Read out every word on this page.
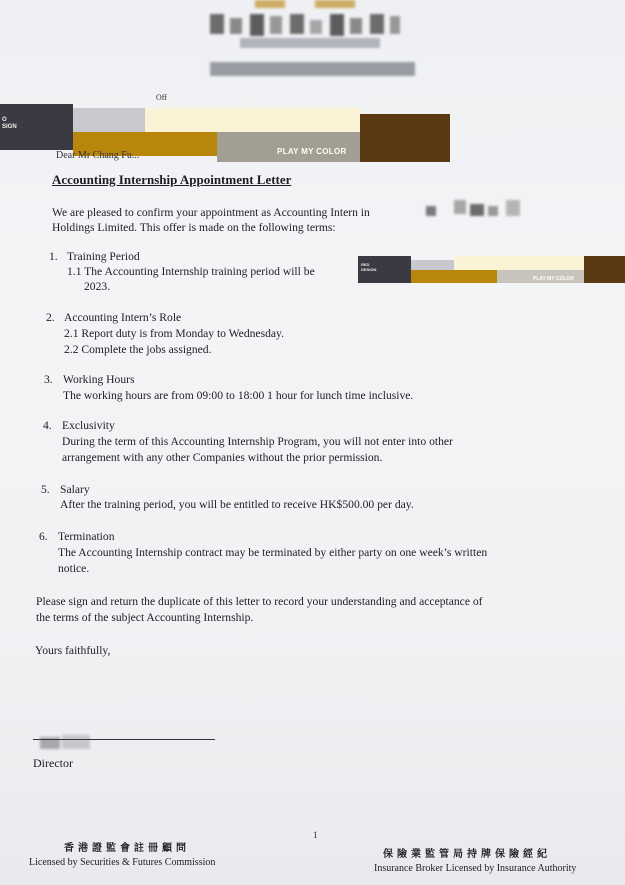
Off
O
SIGN
PLAY MY COLOR
Dear Mr Chang Fu...
Accounting Internship Appointment Letter
We are pleased to confirm your appointment as Accounting Intern in
Holdings Limited. This offer is made on the following terms:
1. Training Period
1.1 The Accounting Internship training period will be
2023.
RED
DESIGN
PLAY MY COLOR
2. Accounting Intern’s Role
2.1 Report duty is from Monday to Wednesday.
2.2 Complete the jobs assigned.
3. Working Hours
The working hours are from 09:00 to 18:00 1 hour for lunch time inclusive.
4. Exclusivity
During the term of this Accounting Internship Program, you will not enter into other
arrangement with any other Companies without the prior permission.
5. Salary
After the training period, you will be entitled to receive HK$500.00 per day.
6. Termination
The Accounting Internship contract may be terminated by either party on one week’s written
notice.
Please sign and return the duplicate of this letter to record your understanding and acceptance of
the terms of the subject Accounting Internship.
Yours faithfully,
Director
1
香港證監會註冊顧問
Licensed by Securities & Futures Commission
保險業監管局持牌保險經紀
Insurance Broker Licensed by Insurance Authority
